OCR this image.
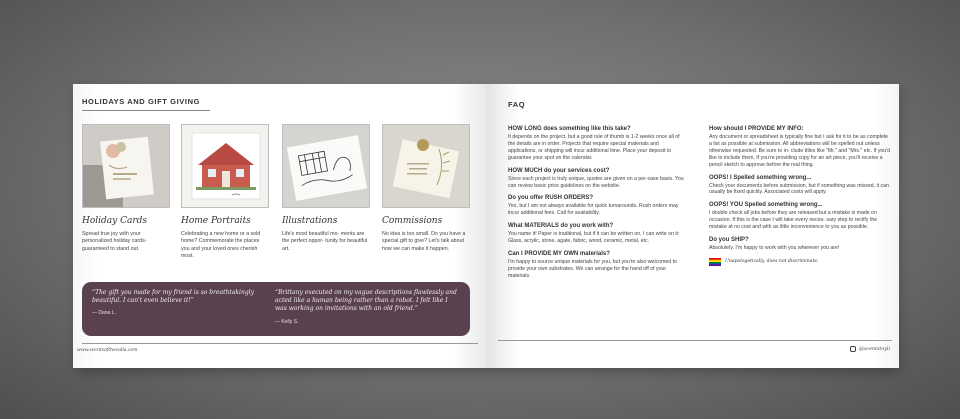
HOLIDAYS AND GIFT GIVING
Holiday Cards
Spread true joy with your personalized holiday cards- guaranteed to stand out.
Home Portraits
Celebrating a new home or a sold home? Commemorate the places you and your loved ones cherish most.
Illustrations
Life's most beautiful mo- ments are the perfect oppor- tunity for beautiful art.
Commissions
No idea is too small. Do you have a special gift to give? Let's talk about how we can make it happen.
“The gift you made for my friend is so breathtakingly beautiful. I can't even believe it!”
— Dana L.
“Brittany executed on my vague descriptions flawlessly and acted like a human being rather than a robot. I felt like I was working on invitations with an old friend.”
— Kelly S.
www.scentsofthecalla.com
FAQ
HOW LONG does something like this take?
It depends on the project, but a good rule of thumb is 1-2 weeks once all of the details are in order. Projects that require special materials and applications, or shipping will incur additional time. Place your deposit to guarantee your spot on the calendar.
HOW MUCH do your services cost?
Since each project is truly unique, quotes are given on a per-case basis. You can review basic price guidelines on the website.
Do you offer RUSH ORDERS?
Yes, but I am not always available for quick turnarounds. Rush orders may incur additional fees. Call for availability.
What MATERIALS do you work with?
You name it! Paper is traditional, but if it can be written on, I can write on it: Glass, acrylic, stone, agate, fabric, wood, ceramic, metal, etc.
Can I PROVIDE MY OWN materials?
I'm happy to source unique materials for you, but you're also welcomed to provide your own substrates. We can arrange for the hand off of your materials.
How should I PROVIDE MY INFO:
Any document or spreadsheet is typically fine but I ask for it to be as complete a list as possible at submission. All abbreviations will be spelled out unless otherwise requested. Be sure to in- clude titles like "Mr." and "Mrs." etc. If you'd like to include them. If you're providing copy for an art piece, you'll receive a pencil sketch to approve before the real thing.
OOPS! I Spelled something wrong...
Check your documents before submission, but if something was missed, it can usually be fixed quickly. Associated costs will apply.
OOPS! YOU Spelled something wrong...
I double check all jobs before they are released but a mistake is made on occasion. If this is the case I will take every neces- sary step to rectify the mistake at no cost and with as little inconvenience to you as possible.
Do you SHIP?
Absolutely. I'm happy to work with you wherever you are!
Unapologetically, does not discriminate.
@scentstoyli
